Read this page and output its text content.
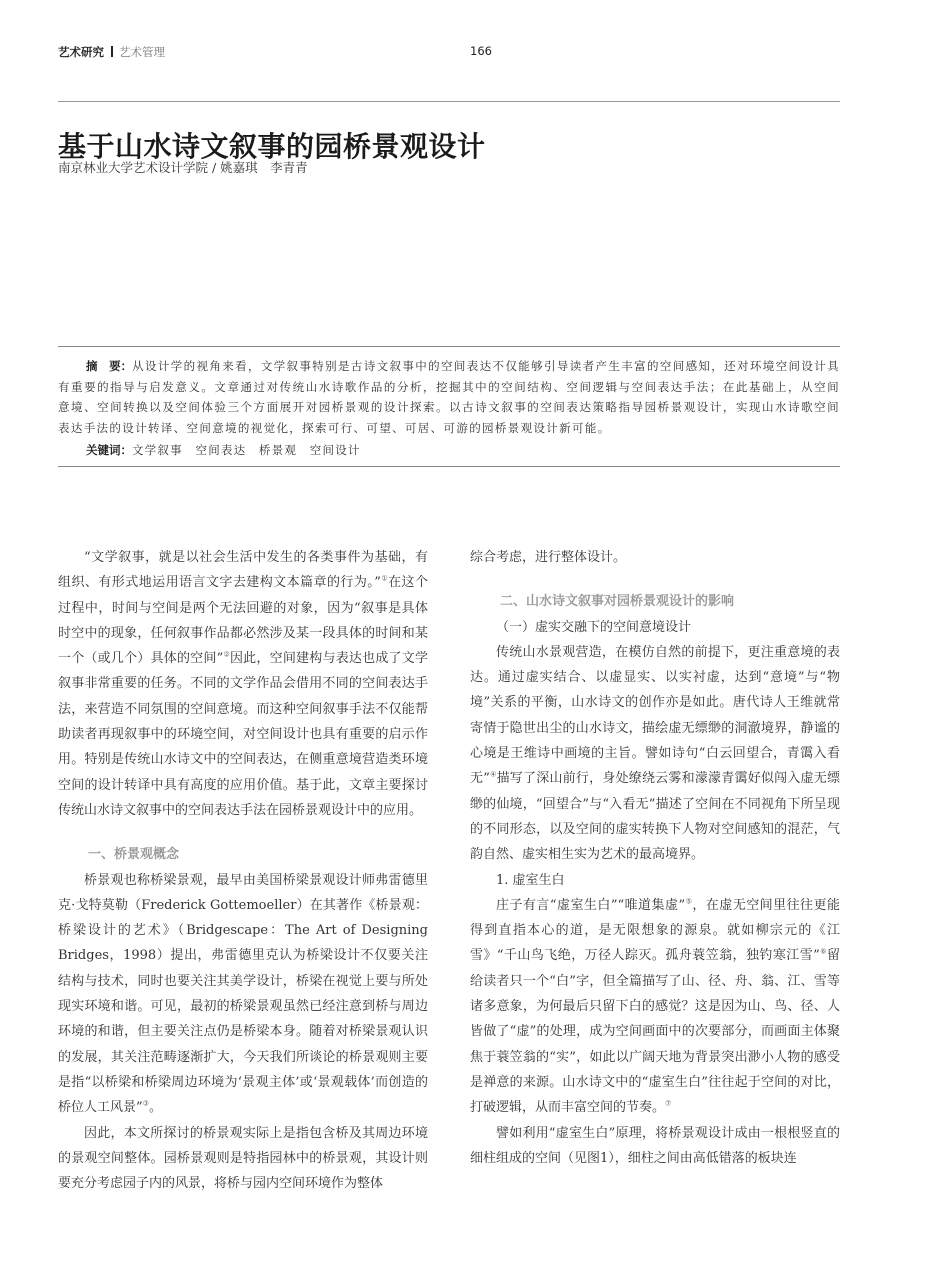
艺术研究 艺术管理	166
基于山水诗文叙事的园桥景观设计
南京林业大学艺术设计学院 / 姚嘉琪　李青青
摘　要：从设计学的视角来看，文学叙事特别是古诗文叙事中的空间表达不仅能够引导读者产生丰富的空间感知，还对环境空间设计具有重要的指导与启发意义。文章通过对传统山水诗歌作品的分析，挖掘其中的空间结构、空间逻辑与空间表达手法；在此基础上，从空间意境、空间转换以及空间体验三个方面展开对园桥景观的设计探索。以古诗文叙事的空间表达策略指导园桥景观设计，实现山水诗歌空间表达手法的设计转译、空间意境的视觉化，探索可行、可望、可居、可游的园桥景观设计新可能。
关键词：文学叙事　空间表达　桥景观　空间设计

“文学叙事，就是以社会生活中发生的各类事件为基础，有组织、有形式地运用语言文字去建构文本篇章的行为。”①在这个过程中，时间与空间是两个无法回避的对象，因为“叙事是具体时空中的现象，任何叙事作品都必然涉及某一段具体的时间和某一个（或几个）具体的空间”②因此，空间建构与表达也成了文学叙事非常重要的任务。不同的文学作品会借用不同的空间表达手法，来营造不同氛围的空间意境。而这种空间叙事手法不仅能帮助读者再现叙事中的环境空间，对空间设计也具有重要的启示作用。特别是传统山水诗文中的空间表达，在侧重意境营造类环境空间的设计转译中具有高度的应用价值。基于此，文章主要探讨传统山水诗文叙事中的空间表达手法在园桥景观设计中的应用。

一、桥景观概念

桥景观也称桥梁景观，最早由美国桥梁景观设计师弗雷德里克·戈特莫勒（Frederick Gottemoeller）在其著作《桥景观：桥梁设计的艺术》（Bridgescape：The Art of Designing Bridges，1998）提出，弗雷德里克认为桥梁设计不仅要关注结构与技术，同时也要关注其美学设计，桥梁在视觉上要与所处现实环境和谐。可见，最初的桥梁景观虽然已经注意到桥与周边环境的和谐，但主要关注点仍是桥梁本身。随着对桥梁景观认识的发展，其关注范畴逐渐扩大，今天我们所谈论的桥景观则主要是指“以桥梁和桥梁周边环境为‘景观主体’或‘景观载体’而创造的桥位人工风景”③。

因此，本文所探讨的桥景观实际上是指包含桥及其周边环境的景观空间整体。园桥景观则是特指园林中的桥景观，其设计则要充分考虑园子内的风景，将桥与园内空间环境作为整体

综合考虑，进行整体设计。

二、山水诗文叙事对园桥景观设计的影响

（一）虚实交融下的空间意境设计

传统山水景观营造，在模仿自然的前提下，更注重意境的表达。通过虚实结合、以虚显实、以实衬虚，达到“意境”与“物境”关系的平衡，山水诗文的创作亦是如此。唐代诗人王维就常寄情于隐世出尘的山水诗文，描绘虚无缥缈的洞澈境界，静谧的心境是王维诗中画境的主旨。譬如诗句“白云回望合，青霭入看无”④描写了深山前行，身处缭绕云雾和濛濛青霭好似闯入虚无缥缈的仙境，“回望合”与“入看无”描述了空间在不同视角下所呈现的不同形态，以及空间的虚实转换下人物对空间感知的混茫，气韵自然、虚实相生实为艺术的最高境界。

1. 虚室生白

庄子有言“虚室生白”“唯道集虚”⑤，在虚无空间里往往更能得到直指本心的道，是无限想象的源泉。就如柳宗元的《江雪》“千山鸟飞绝，万径人踪灭。孤舟蓑笠翁，独钓寒江雪”⑥留给读者只一个“白”字，但全篇描写了山、径、舟、翁、江、雪等诸多意象，为何最后只留下白的感觉？这是因为山、鸟、径、人皆做了“虚”的处理，成为空间画面中的次要部分，而画面主体聚焦于蓑笠翁的“实”，如此以广阔天地为背景突出渺小人物的感受是禅意的来源。山水诗文中的“虚室生白”往往起于空间的对比，打破逻辑，从而丰富空间的节奏。⑦

譬如利用“虚室生白”原理，将桥景观设计成由一根根竖直的细柱组成的空间（见图1），细柱之间由高低错落的板块连
